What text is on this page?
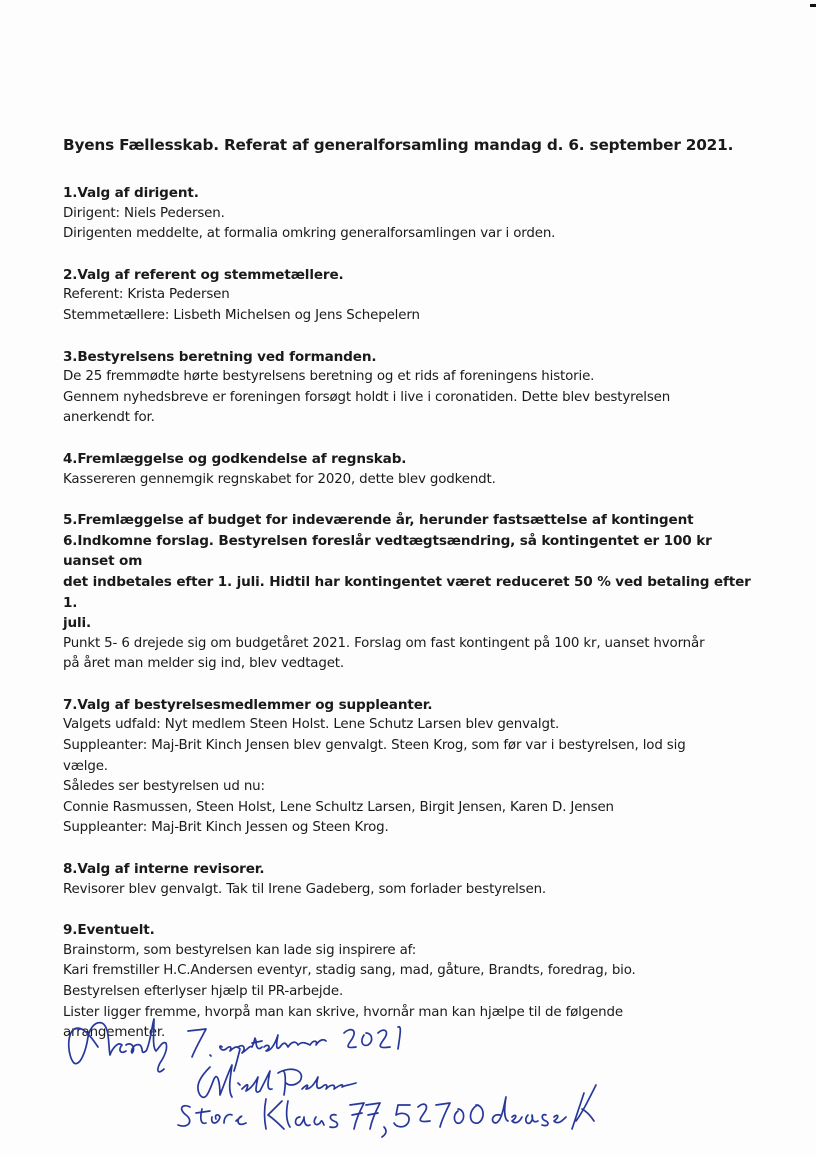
Byens Fællesskab. Referat af generalforsamling mandag d. 6. september 2021.
1.Valg af dirigent.
Dirigent: Niels Pedersen.
Dirigenten meddelte, at formalia omkring generalforsamlingen var i orden.
2.Valg af referent og stemmetællere.
Referent: Krista Pedersen
Stemmetællere: Lisbeth Michelsen og Jens Schepelern
3.Bestyrelsens beretning ved formanden.
De 25 fremmødte hørte bestyrelsens beretning og et rids af foreningens historie.
Gennem nyhedsbreve er foreningen forsøgt holdt i live i coronatiden. Dette blev bestyrelsen
anerkendt for.
4.Fremlæggelse og godkendelse af regnskab.
Kassereren gennemgik regnskabet for 2020, dette blev godkendt.
5.Fremlæggelse af budget for indeværende år, herunder fastsættelse af kontingent
6.Indkomne forslag. Bestyrelsen foreslår vedtægtsændring, så kontingentet er 100 kr uanset om
det indbetales efter 1. juli. Hidtil har kontingentet været reduceret 50 % ved betaling efter 1.
juli.
Punkt 5- 6 drejede sig om budgetåret 2021. Forslag om fast kontingent på 100 kr, uanset hvornår
på året man melder sig ind, blev vedtaget.
7.Valg af bestyrelsesmedlemmer og suppleanter.
Valgets udfald: Nyt medlem Steen Holst. Lene Schutz Larsen blev genvalgt.
Suppleanter: Maj-Brit Kinch Jensen blev genvalgt. Steen Krog, som før var i bestyrelsen, lod sig
vælge.
Således ser bestyrelsen ud nu:
Connie Rasmussen, Steen Holst, Lene Schultz Larsen, Birgit Jensen, Karen D. Jensen
Suppleanter: Maj-Brit Kinch Jessen og Steen Krog.
8.Valg af interne revisorer.
Revisorer blev genvalgt. Tak til Irene Gadeberg, som forlader bestyrelsen.
9.Eventuelt.
Brainstorm, som bestyrelsen kan lade sig inspirere af:
Kari fremstiller H.C.Andersen eventyr, stadig sang, mad, gåture, Brandts, foredrag, bio.
Bestyrelsen efterlyser hjælp til PR-arbejde.
Lister ligger fremme, hvorpå man kan skrive, hvornår man kan hjælpe til de følgende
arrangementer.
